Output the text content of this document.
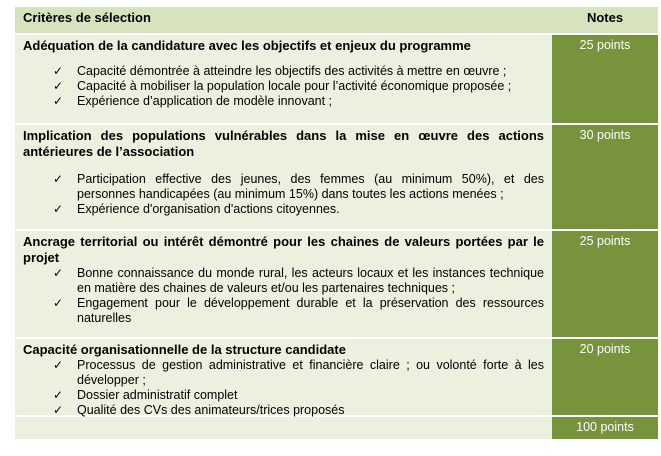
Critères de sélection	Notes
Adéquation de la candidature avec les objectifs et enjeux du programme
✓ Capacité démontrée à atteindre les objectifs des activités à mettre en œuvre ;
✓ Capacité à mobiliser la population locale pour l’activité économique proposée ;
✓ Expérience d’application de modèle innovant ;
25 points
Implication des populations vulnérables dans la mise en œuvre des actions antérieures de l’association
✓ Participation effective des jeunes, des femmes (au minimum 50%), et des personnes handicapées (au minimum 15%) dans toutes les actions menées ;
✓ Expérience d'organisation d'actions citoyennes.
30 points
Ancrage territorial ou intérêt démontré pour les chaines de valeurs portées par le projet
✓ Bonne connaissance du monde rural, les acteurs locaux et les instances technique en matière des chaines de valeurs et/ou les partenaires techniques ;
✓ Engagement pour le développement durable et la préservation des ressources naturelles
25 points
Capacité organisationnelle de la structure candidate
✓ Processus de gestion administrative et financière claire ; ou volonté forte à les développer ;
✓ Dossier administratif complet
✓ Qualité des CVs des animateurs/trices proposés
20 points
100 points
